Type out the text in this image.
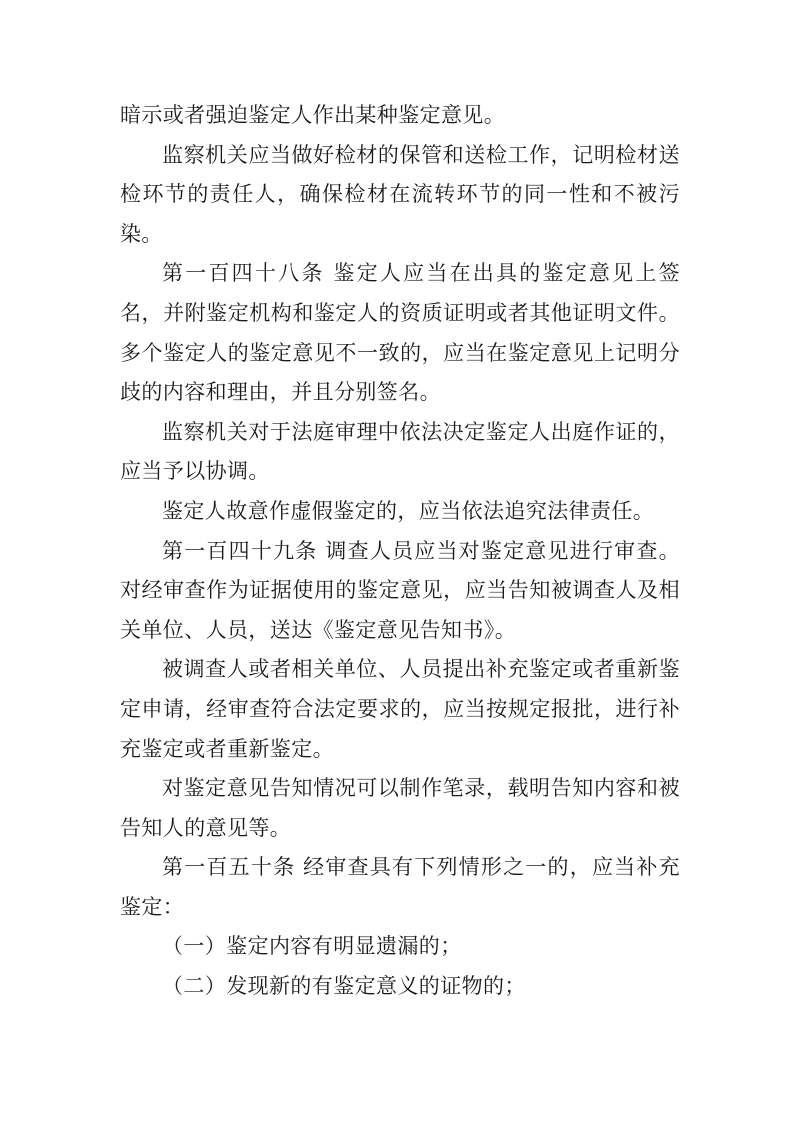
暗示或者强迫鉴定人作出某种鉴定意见。

监察机关应当做好检材的保管和送检工作，记明检材送检环节的责任人，确保检材在流转环节的同一性和不被污染。

第一百四十八条 鉴定人应当在出具的鉴定意见上签名，并附鉴定机构和鉴定人的资质证明或者其他证明文件。多个鉴定人的鉴定意见不一致的，应当在鉴定意见上记明分歧的内容和理由，并且分别签名。

监察机关对于法庭审理中依法决定鉴定人出庭作证的，应当予以协调。

鉴定人故意作虚假鉴定的，应当依法追究法律责任。

第一百四十九条 调查人员应当对鉴定意见进行审查。对经审查作为证据使用的鉴定意见，应当告知被调查人及相关单位、人员，送达《鉴定意见告知书》。

被调查人或者相关单位、人员提出补充鉴定或者重新鉴定申请，经审查符合法定要求的，应当按规定报批，进行补充鉴定或者重新鉴定。

对鉴定意见告知情况可以制作笔录，载明告知内容和被告知人的意见等。

第一百五十条 经审查具有下列情形之一的，应当补充鉴定：

（一）鉴定内容有明显遗漏的；

（二）发现新的有鉴定意义的证物的；
